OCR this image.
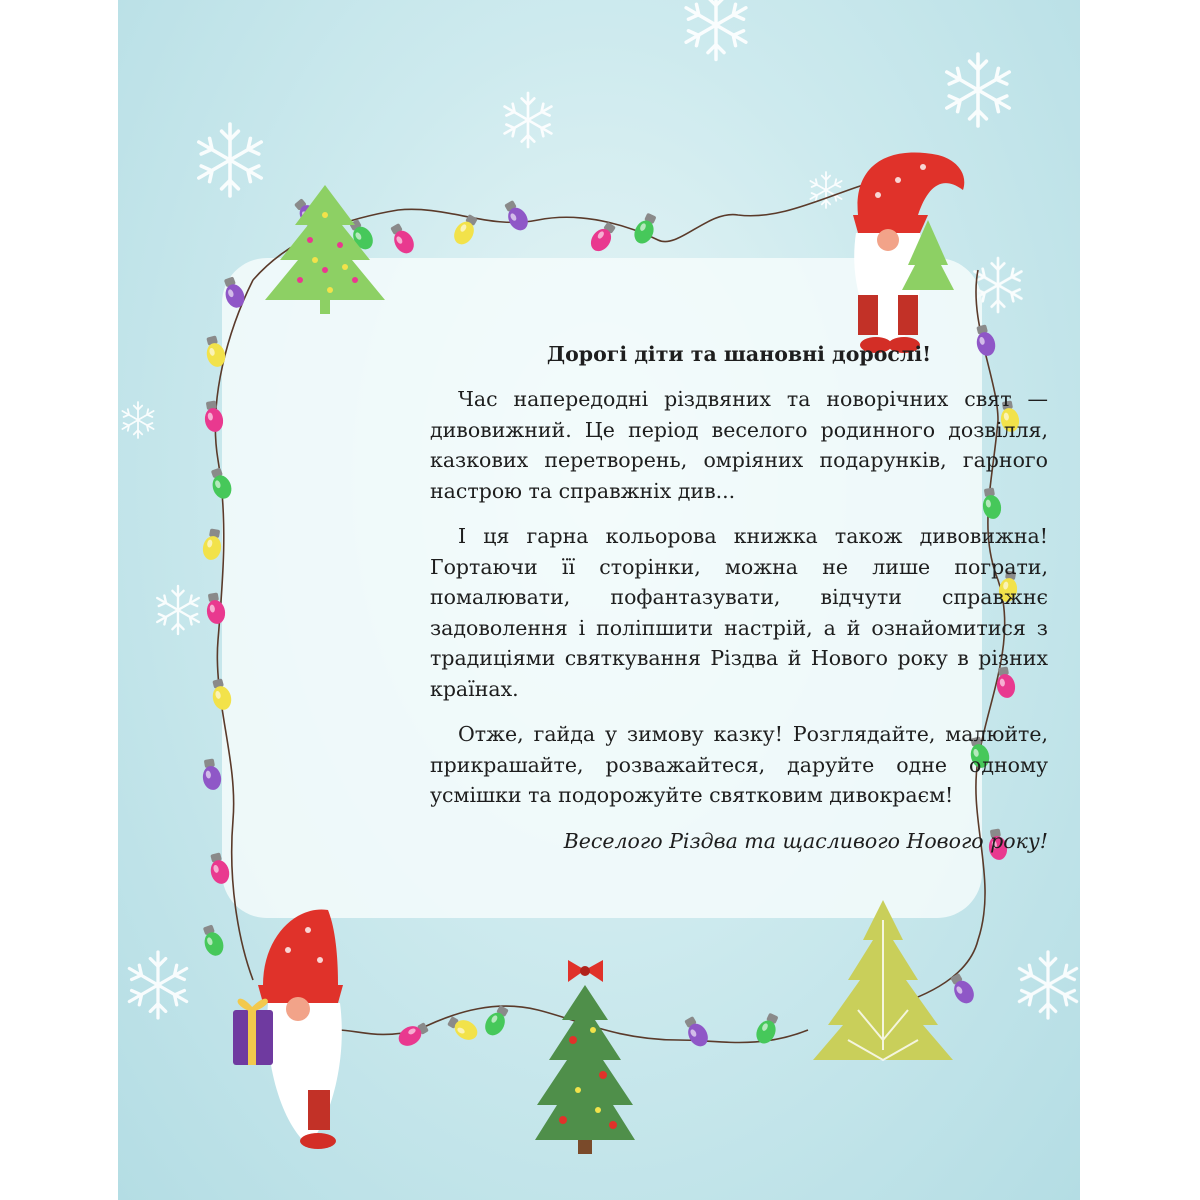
Дорогі діти та шановні дорослі!

Час напередодні різдвяних та новорічних свят — дивовижний. Це період веселого родинного дозвілля, казкових перетворень, омріяних подарунків, гарного настрою та справжніх див...

І ця гарна кольорова книжка також дивовижна! Гортаючи її сторінки, можна не лише пограти, помалювати, пофантазувати, відчути справжнє задоволення і поліпшити настрій, а й ознайомитися з традиціями святкування Різдва й Нового року в різних країнах.

Отже, гайда у зимову казку! Розглядайте, малюйте, прикрашайте, розважайтеся, даруйте одне одному усмішки та подорожуйте святковим дивокраєм!

Веселого Різдва та щасливого Нового року!
